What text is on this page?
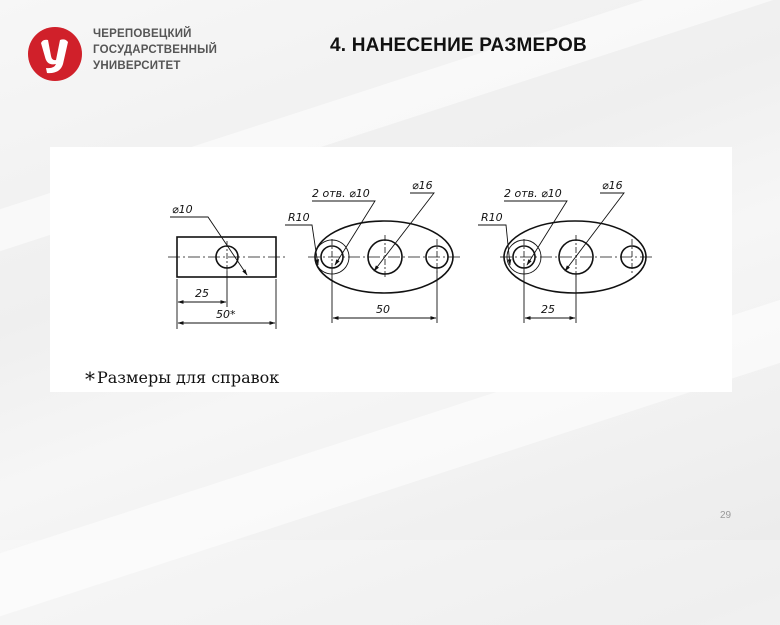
ЧЕРЕПОВЕЦКИЙ
ГОСУДАРСТВЕННЫЙ
УНИВЕРСИТЕТ
4. НАНЕСЕНИЕ РАЗМЕРОВ
⌀10
25
50*
2 отв. ⌀10
⌀16
R10
50
2 отв. ⌀10
⌀16
R10
25
* Размеры для справок
29
